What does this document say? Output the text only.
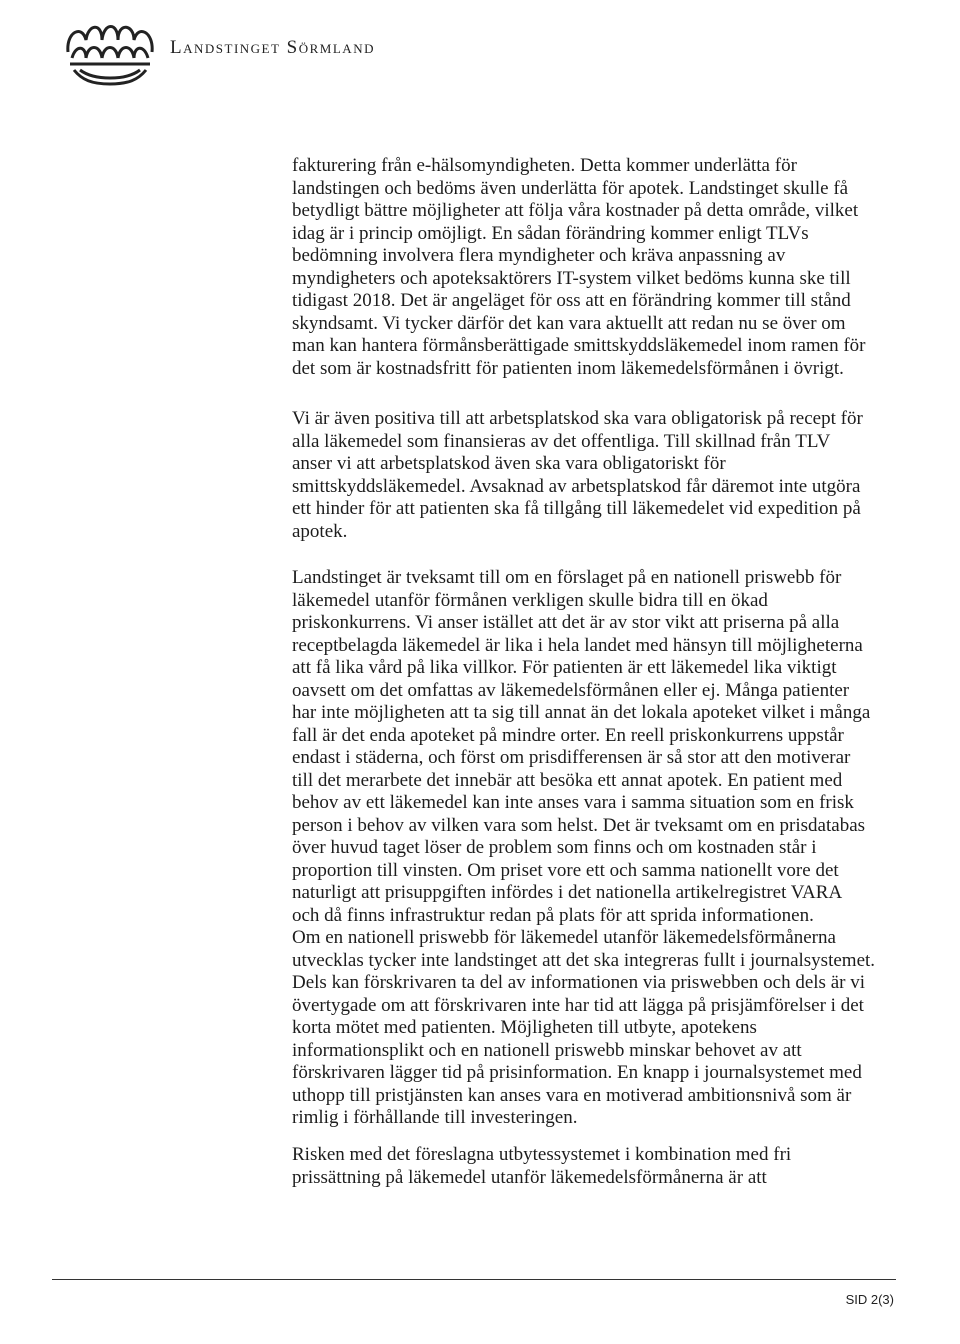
Landstinget Sörmland

fakturering från e-hälsomyndigheten. Detta kommer underlätta för
landstingen och bedöms även underlätta för apotek. Landstinget skulle få
betydligt bättre möjligheter att följa våra kostnader på detta område, vilket
idag är i princip omöjligt. En sådan förändring kommer enligt TLVs
bedömning involvera flera myndigheter och kräva anpassning av
myndigheters och apoteksaktörers IT-system vilket bedöms kunna ske till
tidigast 2018. Det är angeläget för oss att en förändring kommer till stånd
skyndsamt. Vi tycker därför det kan vara aktuellt att redan nu se över om
man kan hantera förmånsberättigade smittskyddsläkemedel inom ramen för
det som är kostnadsfritt för patienten inom läkemedelsförmånen i övrigt.

Vi är även positiva till att arbetsplatskod ska vara obligatorisk på recept för
alla läkemedel som finansieras av det offentliga. Till skillnad från TLV
anser vi att arbetsplatskod även ska vara obligatoriskt för
smittskyddsläkemedel. Avsaknad av arbetsplatskod får däremot inte utgöra
ett hinder för att patienten ska få tillgång till läkemedelet vid expedition på
apotek.

Landstinget är tveksamt till om en förslaget på en nationell priswebb för
läkemedel utanför förmånen verkligen skulle bidra till en ökad
priskonkurrens. Vi anser istället att det är av stor vikt att priserna på alla
receptbelagda läkemedel är lika i hela landet med hänsyn till möjligheterna
att få lika vård på lika villkor. För patienten är ett läkemedel lika viktigt
oavsett om det omfattas av läkemedelsförmånen eller ej. Många patienter
har inte möjligheten att ta sig till annat än det lokala apoteket vilket i många
fall är det enda apoteket på mindre orter. En reell priskonkurrens uppstår
endast i städerna, och först om prisdifferensen är så stor att den motiverar
till det merarbete det innebär att besöka ett annat apotek. En patient med
behov av ett läkemedel kan inte anses vara i samma situation som en frisk
person i behov av vilken vara som helst. Det är tveksamt om en prisdatabas
över huvud taget löser de problem som finns och om kostnaden står i
proportion till vinsten. Om priset vore ett och samma nationellt vore det
naturligt att prisuppgiften infördes i det nationella artikelregistret VARA
och då finns infrastruktur redan på plats för att sprida informationen.
Om en nationell priswebb för läkemedel utanför läkemedelsförmånerna
utvecklas tycker inte landstinget att det ska integreras fullt i journalsystemet.
Dels kan förskrivaren ta del av informationen via priswebben och dels är vi
övertygade om att förskrivaren inte har tid att lägga på prisjämförelser i det
korta mötet med patienten. Möjligheten till utbyte, apotekens
informationsplikt och en nationell priswebb minskar behovet av att
förskrivaren lägger tid på prisinformation. En knapp i journalsystemet med
uthopp till pristjänsten kan anses vara en motiverad ambitionsnivå som är
rimlig i förhållande till investeringen.

Risken med det föreslagna utbytessystemet i kombination med fri
prissättning på läkemedel utanför läkemedelsförmånerna är att

SID 2(3)
